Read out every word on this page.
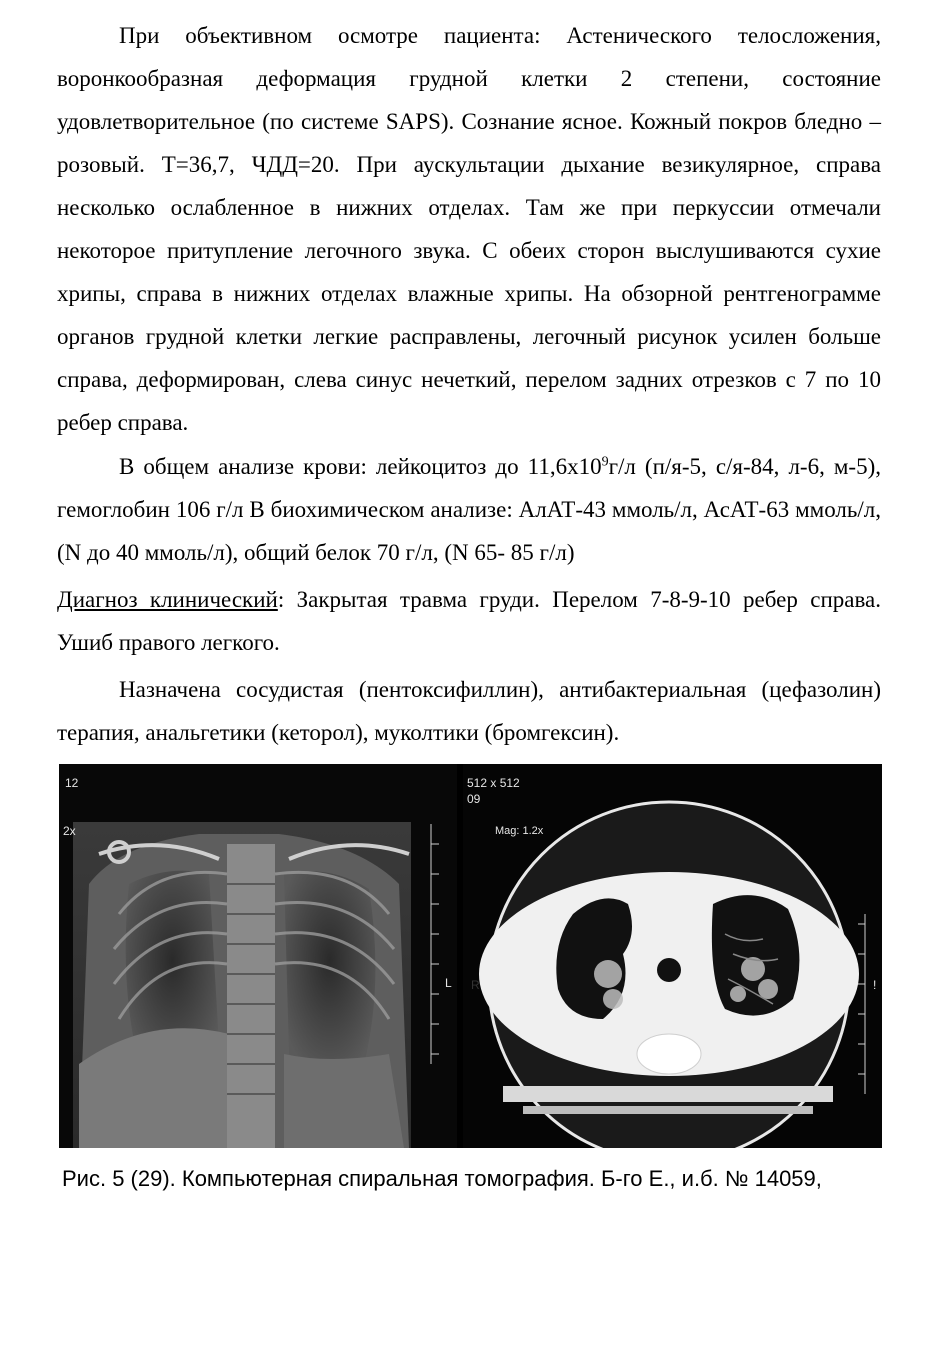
При объективном осмотре пациента: Астенического телосложения, воронкообразная деформация грудной клетки 2 степени, состояние удовлетворительное (по системе SAPS). Сознание ясное. Кожный покров бледно – розовый. Т=36,7, ЧДД=20. При аускультации дыхание везикулярное, справа несколько ослабленное в нижних отделах. Там же при перкуссии отмечали некоторое притупление легочного звука. С обеих сторон выслушиваются сухие хрипы, справа в нижних отделах влажные хрипы. На обзорной рентгенограмме органов грудной клетки легкие расправлены, легочный рисунок усилен больше справа, деформирован, слева синус нечеткий, перелом задних отрезков с 7 по 10 ребер справа.

В общем анализе крови: лейкоцитоз до $11,6х10^9г/л$ (п/я-5, с/я-84, л-6, м-5), гемоглобин 106 г/л В биохимическом анализе: АлАТ-43 ммоль/л, АсАТ-63 ммоль/л, (N до 40 ммоль/л), общий белок 70 г/л, (N 65- 85 г/л)

Диагноз клинический: Закрытая травма груди. Перелом 7-8-9-10 ребер справа. Ушиб правого легкого.

Назначена сосудистая (пентоксифиллин), антибактериальная (цефазолин) терапия, анальгетики (кеторол), муколтики (бромгексин).

12
2x
L
512 x 512
09
Mag: 1.2x
R	!
Рис. 5 (29). Компьютерная спиральная томография. Б-го Е., и.б. № 14059,
